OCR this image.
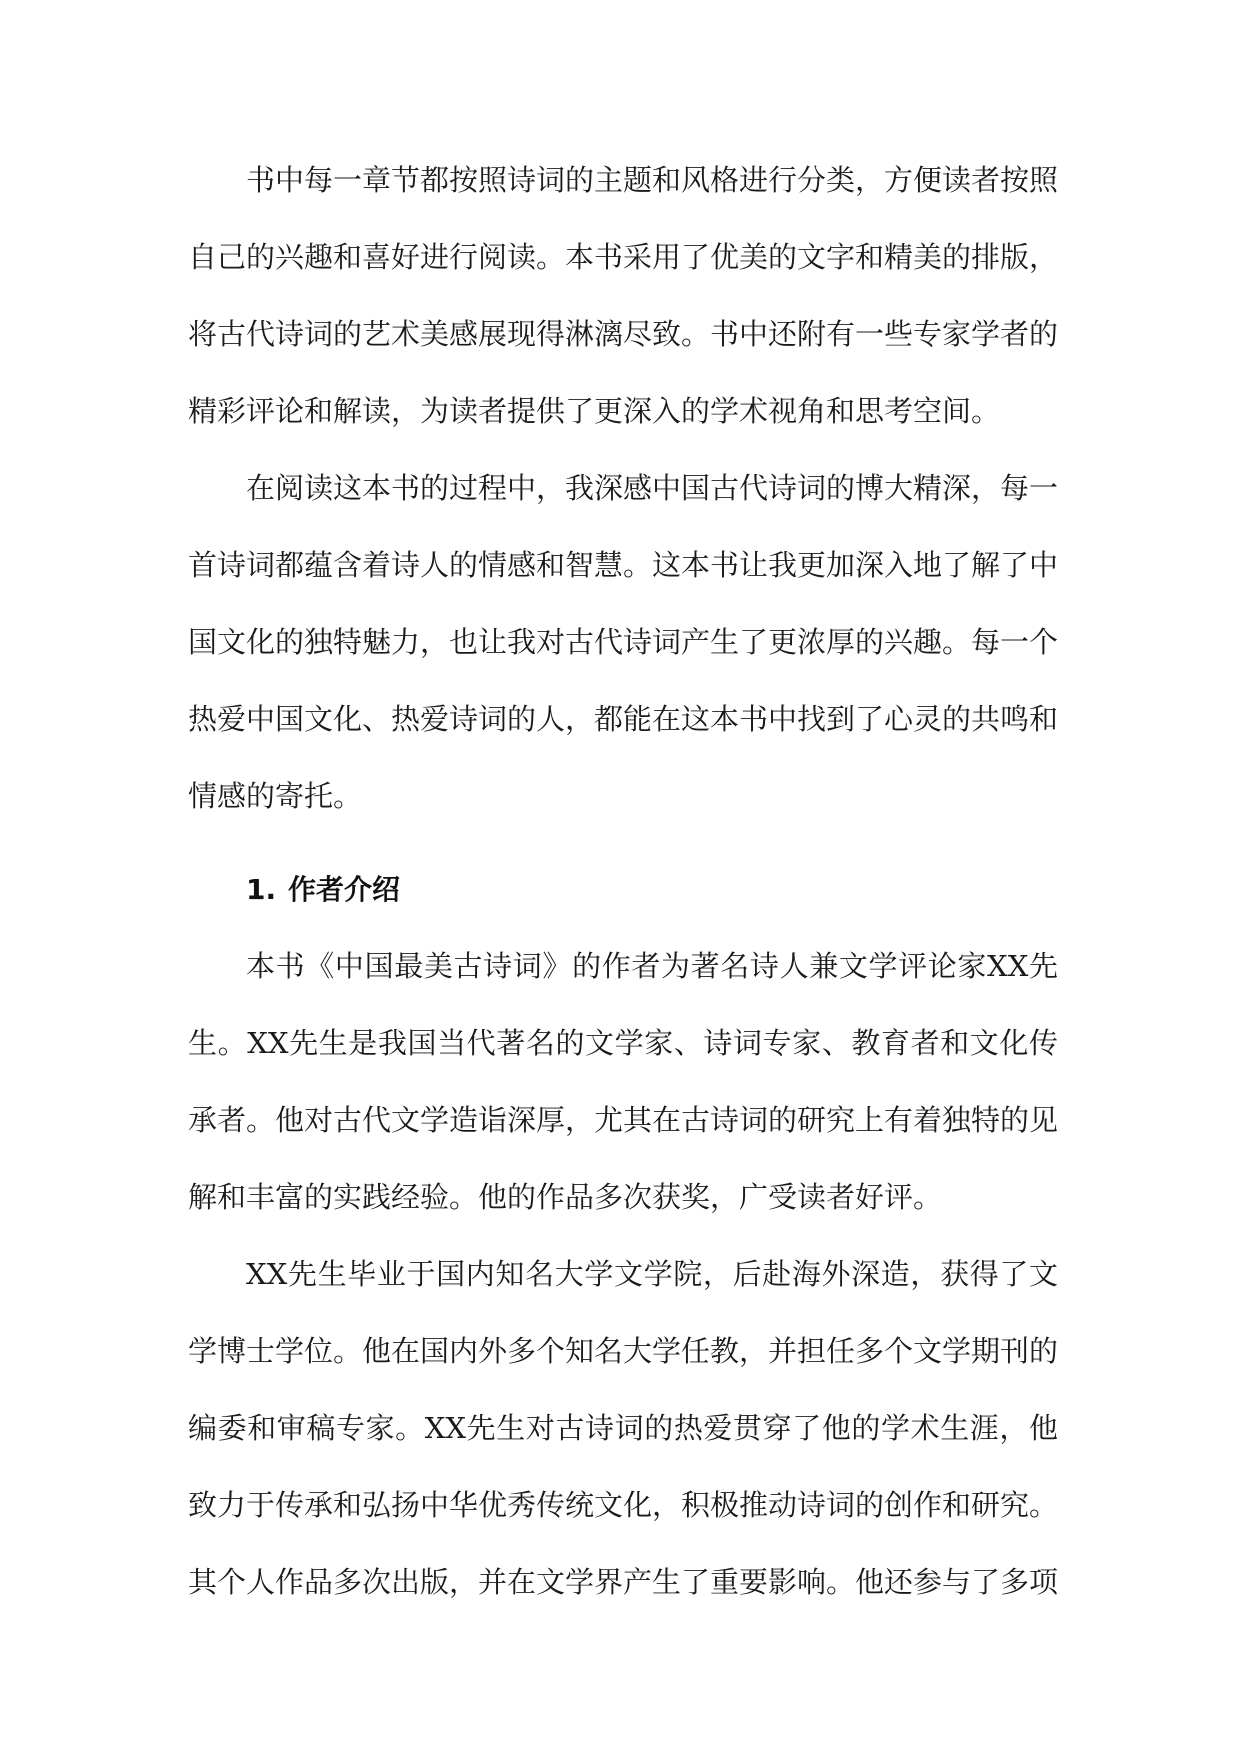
书中每一章节都按照诗词的主题和风格进行分类，方便读者按照自己的兴趣和喜好进行阅读。本书采用了优美的文字和精美的排版，将古代诗词的艺术美感展现得淋漓尽致。书中还附有一些专家学者的精彩评论和解读，为读者提供了更深入的学术视角和思考空间。

在阅读这本书的过程中，我深感中国古代诗词的博大精深，每一首诗词都蕴含着诗人的情感和智慧。这本书让我更加深入地了解了中国文化的独特魅力，也让我对古代诗词产生了更浓厚的兴趣。每一个热爱中国文化、热爱诗词的人，都能在这本书中找到了心灵的共鸣和情感的寄托。

1. 作者介绍

本书《中国最美古诗词》的作者为著名诗人兼文学评论家XX先生。XX先生是我国当代著名的文学家、诗词专家、教育者和文化传承者。他对古代文学造诣深厚，尤其在古诗词的研究上有着独特的见解和丰富的实践经验。他的作品多次获奖，广受读者好评。

XX先生毕业于国内知名大学文学院，后赴海外深造，获得了文学博士学位。他在国内外多个知名大学任教，并担任多个文学期刊的编委和审稿专家。XX先生对古诗词的热爱贯穿了他的学术生涯，他致力于传承和弘扬中华优秀传统文化，积极推动诗词的创作和研究。其个人作品多次出版，并在文学界产生了重要影响。他还参与了多项
